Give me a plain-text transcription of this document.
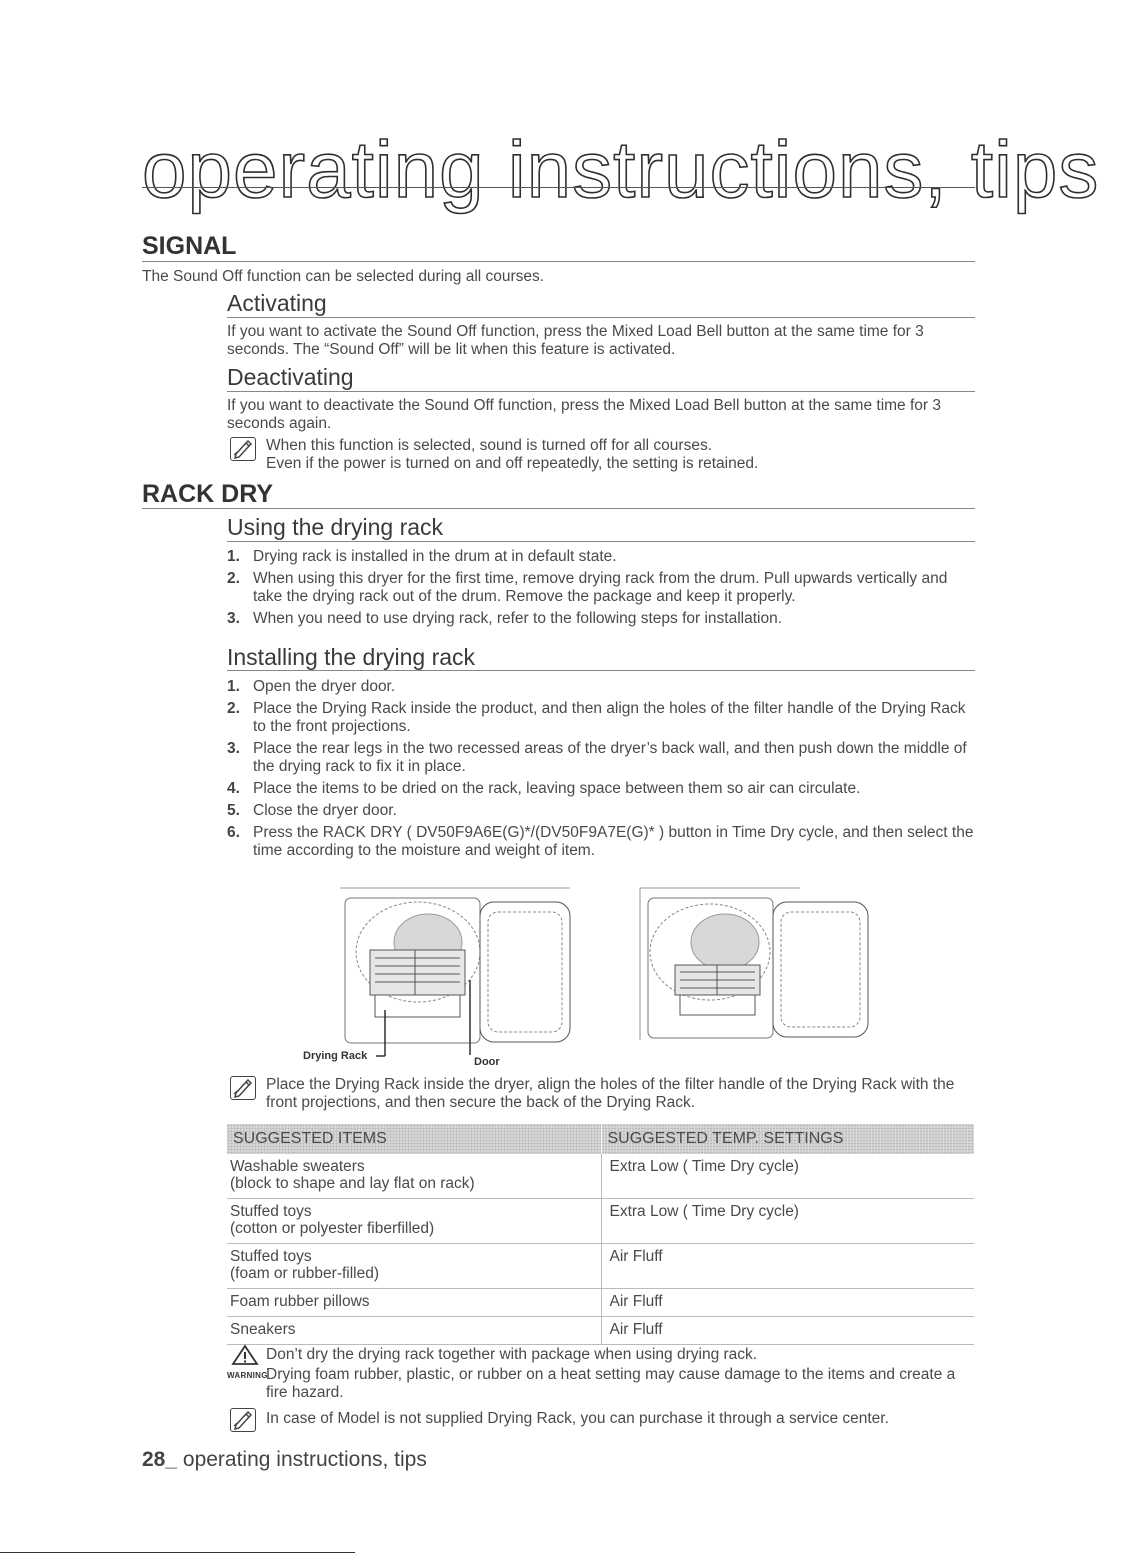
operating instructions, tips
SIGNAL
The Sound Off function can be selected during all courses.
Activating
If you want to activate the Sound Off function, press the Mixed Load Bell button at the same time for 3 seconds. The “Sound Off” will be lit when this feature is activated.
Deactivating
If you want to deactivate the Sound Off function, press the Mixed Load Bell button at the same time for 3 seconds again.
When this function is selected, sound is turned off for all courses.
Even if the power is turned on and off repeatedly, the setting is retained.
RACK DRY
Using the drying rack
1. Drying rack is installed in the drum at in default state.
2. When using this dryer for the first time, remove drying rack from the drum. Pull upwards vertically and take the drying rack out of the drum. Remove the package and keep it properly.
3. When you need to use drying rack, refer to the following steps for installation.
Installing the drying rack
1. Open the dryer door.
2. Place the Drying Rack inside the product, and then align the holes of the filter handle of the Drying Rack to the front projections.
3. Place the rear legs in the two recessed areas of the dryer’s back wall, and then push down the middle of the drying rack to fix it in place.
4. Place the items to be dried on the rack, leaving space between them so air can circulate.
5. Close the dryer door.
6. Press the RACK DRY ( DV50F9A6E(G)*/(DV50F9A7E(G)* ) button in Time Dry cycle, and then select the time according to the moisture and weight of item.
Drying Rack	Door
Place the Drying Rack inside the dryer, align the holes of the filter handle of the Drying Rack with the front projections, and then secure the back of the Drying Rack.
SUGGESTED ITEMS	SUGGESTED TEMP. SETTINGS

Washable sweaters
(block to shape and lay flat on rack)	Extra Low ( Time Dry cycle)

Stuffed toys
(cotton or polyester fiberfilled)	Extra Low ( Time Dry cycle)

Stuffed toys
(foam or rubber-filled)	Air Fluff

Foam rubber pillows	Air Fluff

Sneakers	Air Fluff
WARNING
Don’t dry the drying rack together with package when using drying rack.
Drying foam rubber, plastic, or rubber on a heat setting may cause damage to the items and create a fire hazard.
In case of Model is not supplied Drying Rack, you can purchase it through a service center.
28_ operating instructions, tips
